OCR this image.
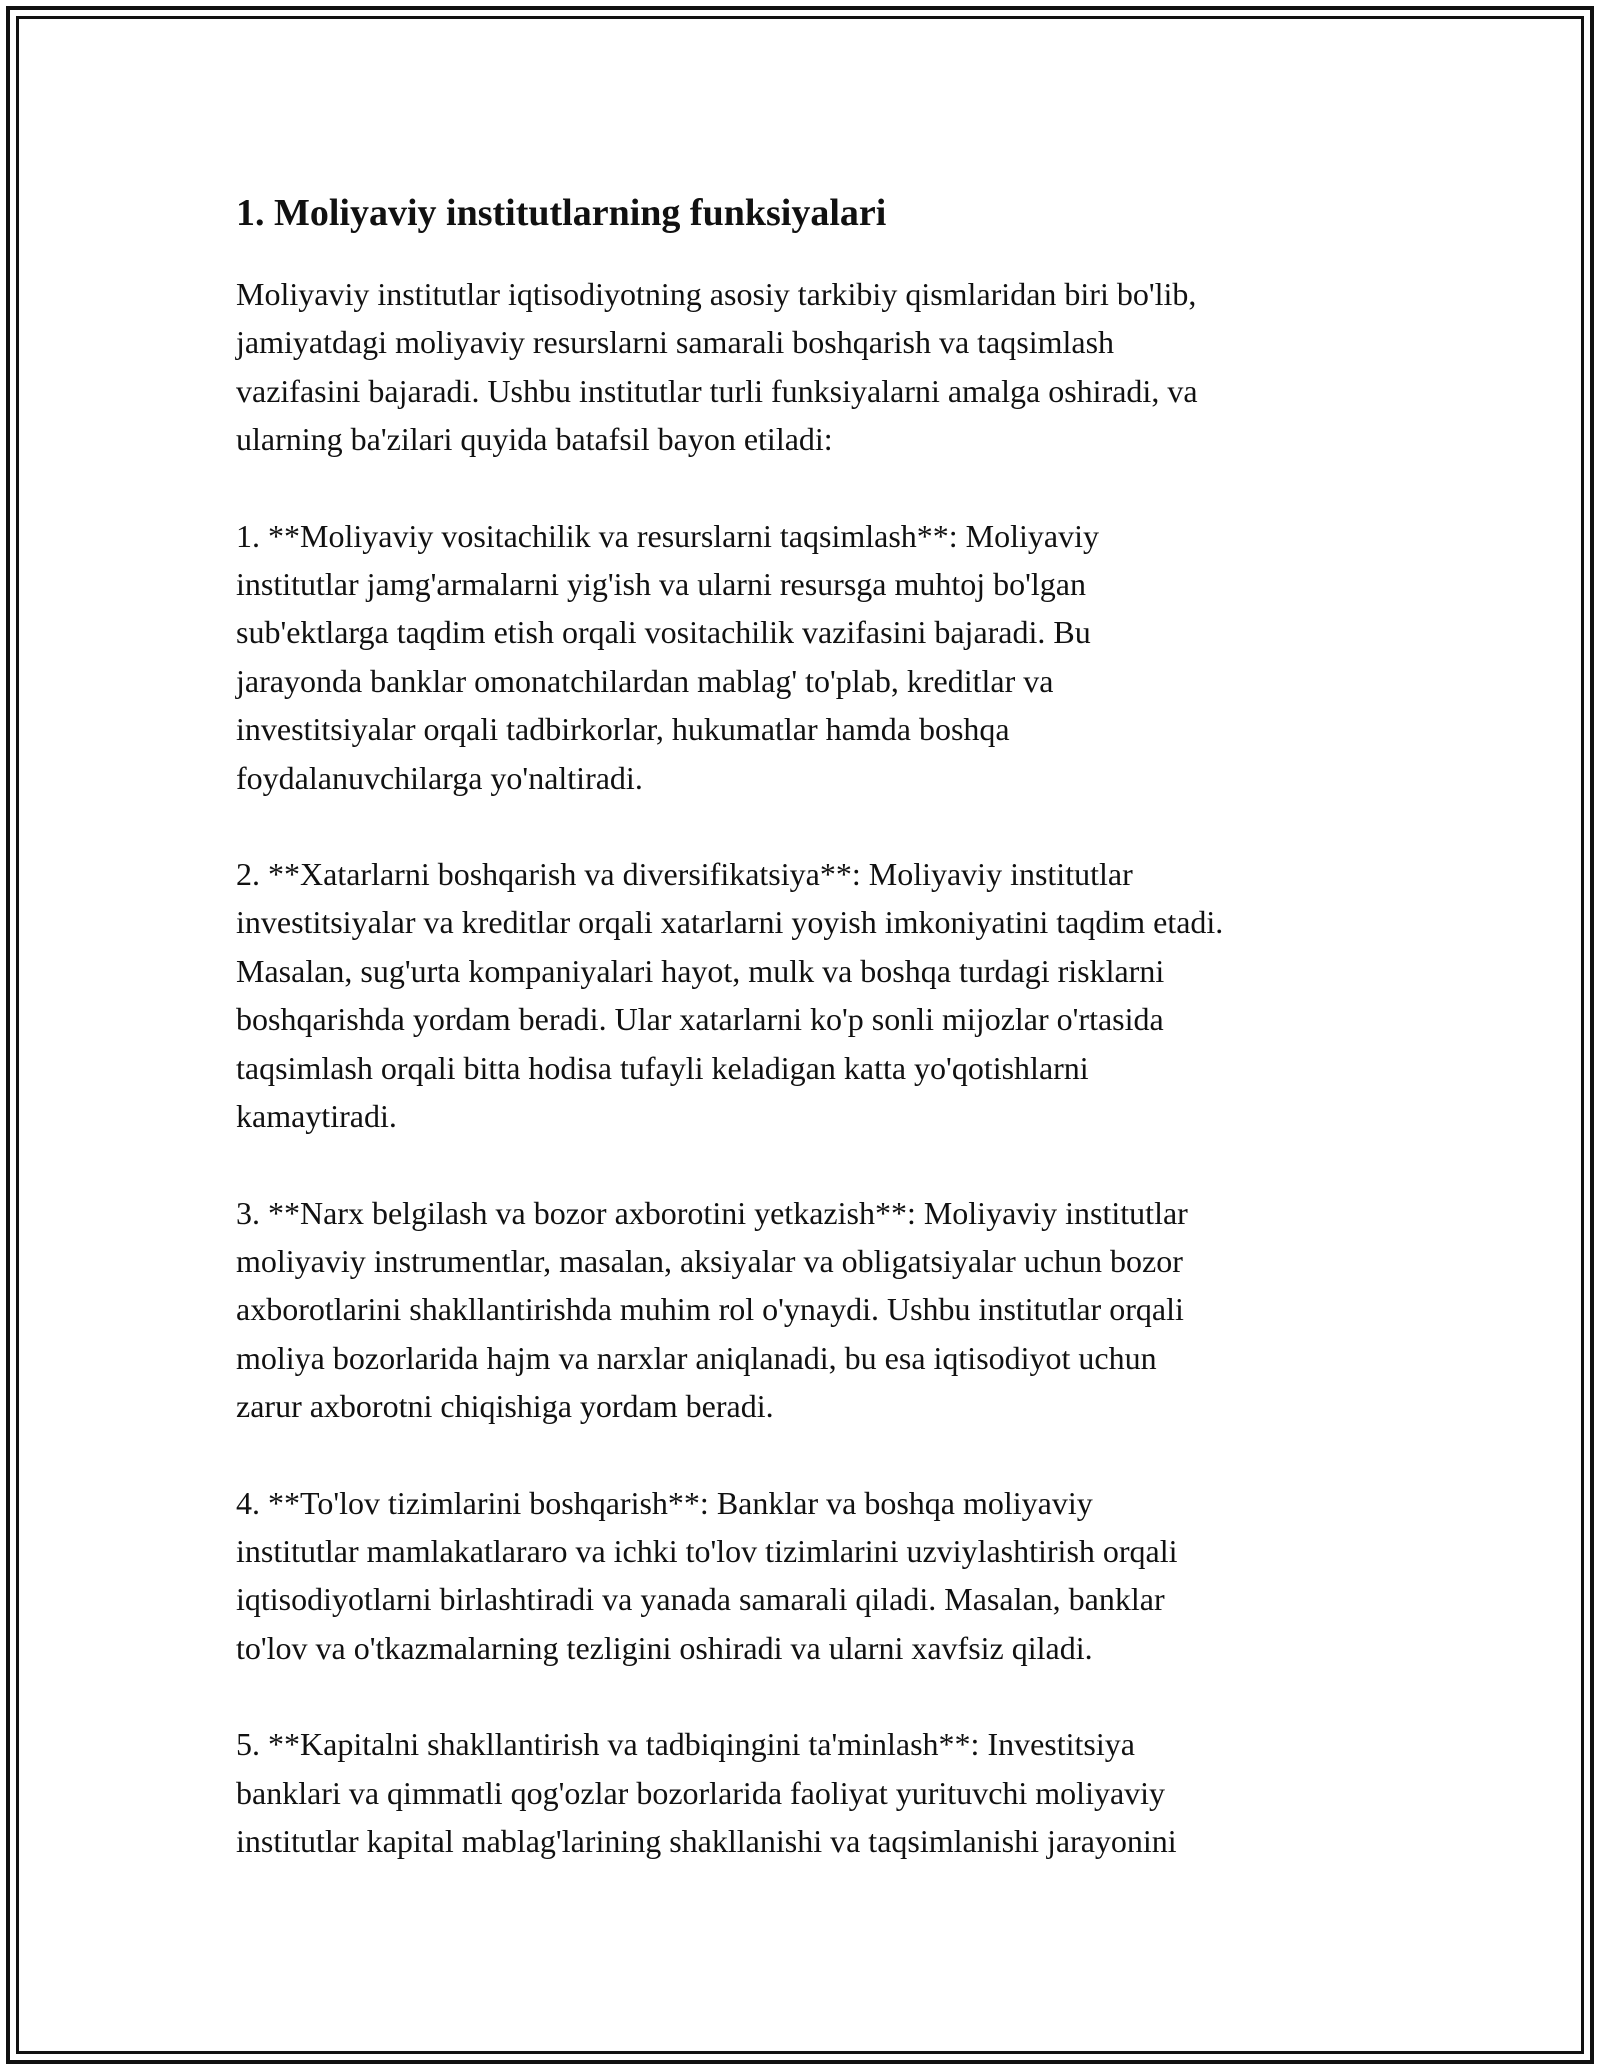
1. Moliyaviy institutlarning funksiyalari

Moliyaviy institutlar iqtisodiyotning asosiy tarkibiy qismlaridan biri bo'lib,
jamiyatdagi moliyaviy resurslarni samarali boshqarish va taqsimlash
vazifasini bajaradi. Ushbu institutlar turli funksiyalarni amalga oshiradi, va
ularning ba'zilari quyida batafsil bayon etiladi:

1. **Moliyaviy vositachilik va resurslarni taqsimlash**: Moliyaviy
institutlar jamg'armalarni yig'ish va ularni resursga muhtoj bo'lgan
sub'ektlarga taqdim etish orqali vositachilik vazifasini bajaradi. Bu
jarayonda banklar omonatchilardan mablag' to'plab, kreditlar va
investitsiyalar orqali tadbirkorlar, hukumatlar hamda boshqa
foydalanuvchilarga yo'naltiradi.

2. **Xatarlarni boshqarish va diversifikatsiya**: Moliyaviy institutlar
investitsiyalar va kreditlar orqali xatarlarni yoyish imkoniyatini taqdim etadi.
Masalan, sug'urta kompaniyalari hayot, mulk va boshqa turdagi risklarni
boshqarishda yordam beradi. Ular xatarlarni ko'p sonli mijozlar o'rtasida
taqsimlash orqali bitta hodisa tufayli keladigan katta yo'qotishlarni
kamaytiradi.

3. **Narx belgilash va bozor axborotini yetkazish**: Moliyaviy institutlar
moliyaviy instrumentlar, masalan, aksiyalar va obligatsiyalar uchun bozor
axborotlarini shakllantirishda muhim rol o'ynaydi. Ushbu institutlar orqali
moliya bozorlarida hajm va narxlar aniqlanadi, bu esa iqtisodiyot uchun
zarur axborotni chiqishiga yordam beradi.

4. **To'lov tizimlarini boshqarish**: Banklar va boshqa moliyaviy
institutlar mamlakatlararo va ichki to'lov tizimlarini uzviylashtirish orqali
iqtisodiyotlarni birlashtiradi va yanada samarali qiladi. Masalan, banklar
to'lov va o'tkazmalarning tezligini oshiradi va ularni xavfsiz qiladi.

5. **Kapitalni shakllantirish va tadbiqingini ta'minlash**: Investitsiya
banklari va qimmatli qog'ozlar bozorlarida faoliyat yurituvchi moliyaviy
institutlar kapital mablag'larining shakllanishi va taqsimlanishi jarayonini
